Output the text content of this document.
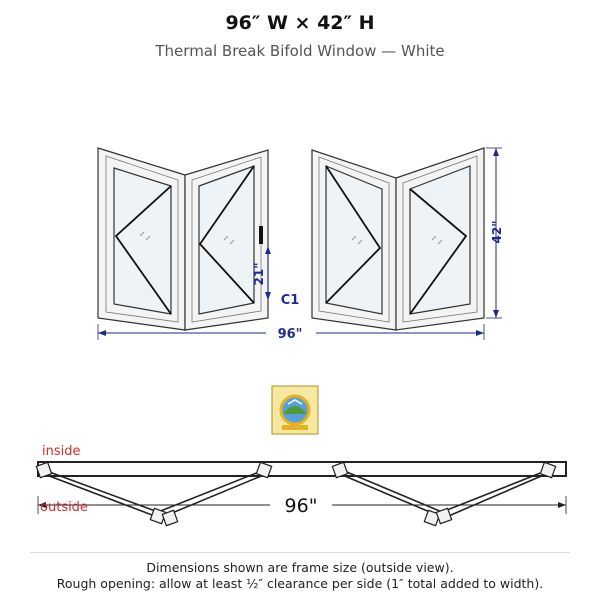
96″ W × 42″ H
Thermal Break Bifold Window — White
42"
21"
C1
96"
96"
inside
outside
Dimensions shown are frame size (outside view).
Rough opening: allow at least ½″ clearance per side (1″ total added to width).
